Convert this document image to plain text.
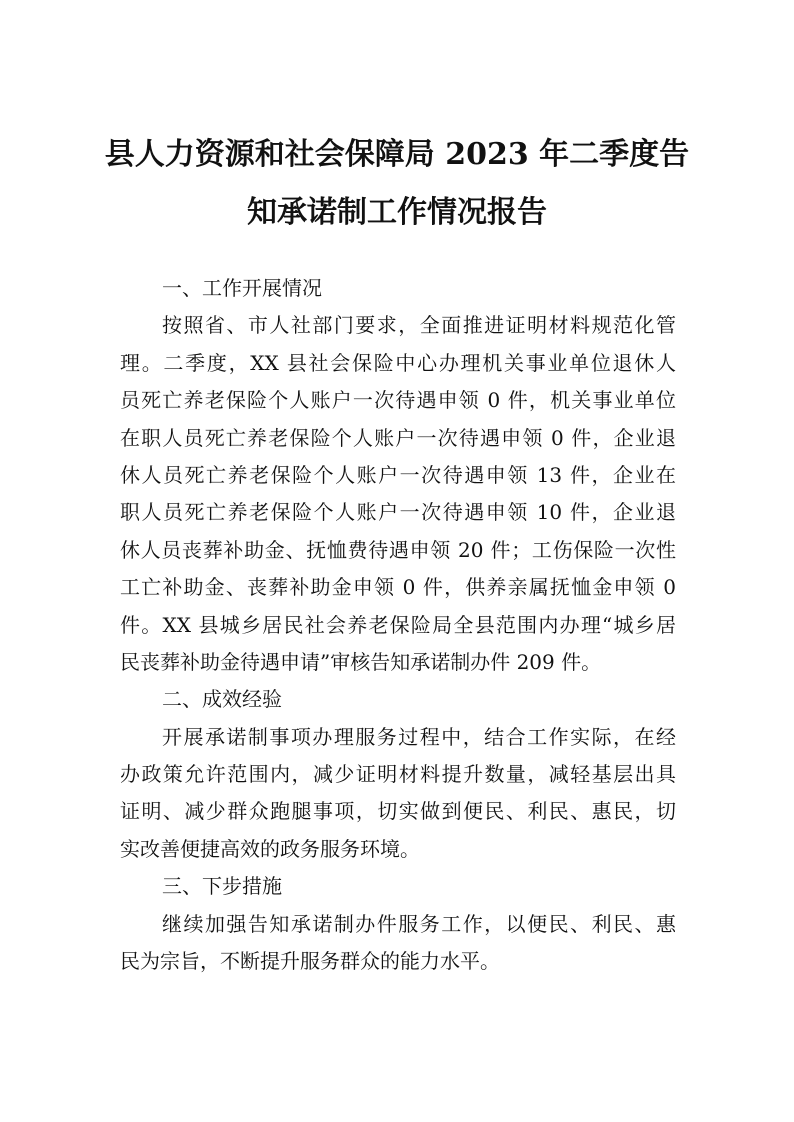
县人力资源和社会保障局 2023 年二季度告
知承诺制工作情况报告
一、工作开展情况
按照省、市人社部门要求，全面推进证明材料规范化管
理。二季度，XX 县社会保险中心办理机关事业单位退休人
员死亡养老保险个人账户一次待遇申领 0 件，机关事业单位
在职人员死亡养老保险个人账户一次待遇申领 0 件，企业退
休人员死亡养老保险个人账户一次待遇申领 13 件，企业在
职人员死亡养老保险个人账户一次待遇申领 10 件，企业退
休人员丧葬补助金、抚恤费待遇申领 20 件；工伤保险一次性
工亡补助金、丧葬补助金申领 0 件，供养亲属抚恤金申领 0
件。XX 县城乡居民社会养老保险局全县范围内办理“城乡居
民丧葬补助金待遇申请”审核告知承诺制办件 209 件。
二、成效经验
开展承诺制事项办理服务过程中，结合工作实际，在经
办政策允许范围内，减少证明材料提升数量，减轻基层出具
证明、减少群众跑腿事项，切实做到便民、利民、惠民，切
实改善便捷高效的政务服务环境。
三、下步措施
继续加强告知承诺制办件服务工作，以便民、利民、惠
民为宗旨，不断提升服务群众的能力水平。
